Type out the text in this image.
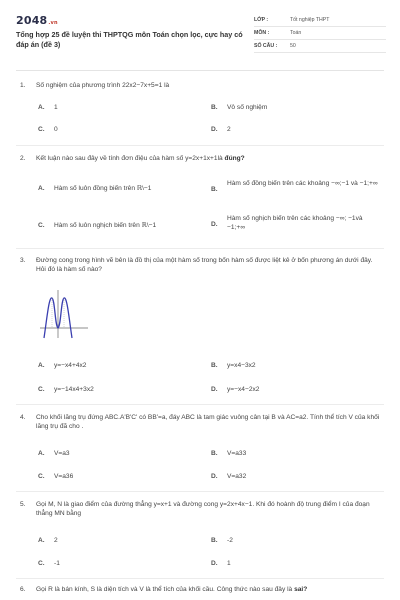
2048.vn
Tổng hợp 25 đề luyện thi THPTQG môn Toán chọn lọc, cực hay có đáp án (đề 3)
LỚP :	Tốt nghiệp THPT
MÔN :	Toán
SỐ CÂU : 50
1. Số nghiệm của phương trình 22x2−7x+5=1 là
A. 1	B. Vô số nghiệm
C. 0	D. 2
2. Kết luận nào sau đây về tính đơn điệu của hàm số y=2x+1x+1là đúng?
A. Hàm số luôn đồng biến trên ℝ\−1	B.
Hàm số đồng biến trên các khoảng −∞;−1 và −1;+∞
C. Hàm số luôn nghịch biến trên ℝ\−1	D.
Hàm số nghịch biến trên các khoảng −∞; −1và −1;+∞
3. Đường cong trong hình vẽ bên là đồ thị của một hàm số trong bốn hàm số được liệt kê ở bốn phương án dưới đây. Hỏi đó là hàm số nào?
A. y=−x4+4x2	B. y=x4−3x2
C. y=−14x4+3x2	D. y=−x4−2x2
4. Cho khối lăng trụ đứng ABC.A'B'C' có BB'=a, đáy ABC là tam giác vuông cân tại B và AC=a2. Tính thể tích V của khối lăng trụ đã cho .
A. V=a3	B. V=a33
C. V=a36	D. V=a32
5. Gọi M, N là giao điểm của đường thẳng y=x+1 và đường cong y=2x+4x−1. Khi đó hoành độ trung điểm I của đoạn thẳng MN bằng
A. 2	B. -2
C. -1	D. 1
6. Gọi R là bán kính, S là diện tích và V là thể tích của khối cầu. Công thức nào sau đây là sai?
